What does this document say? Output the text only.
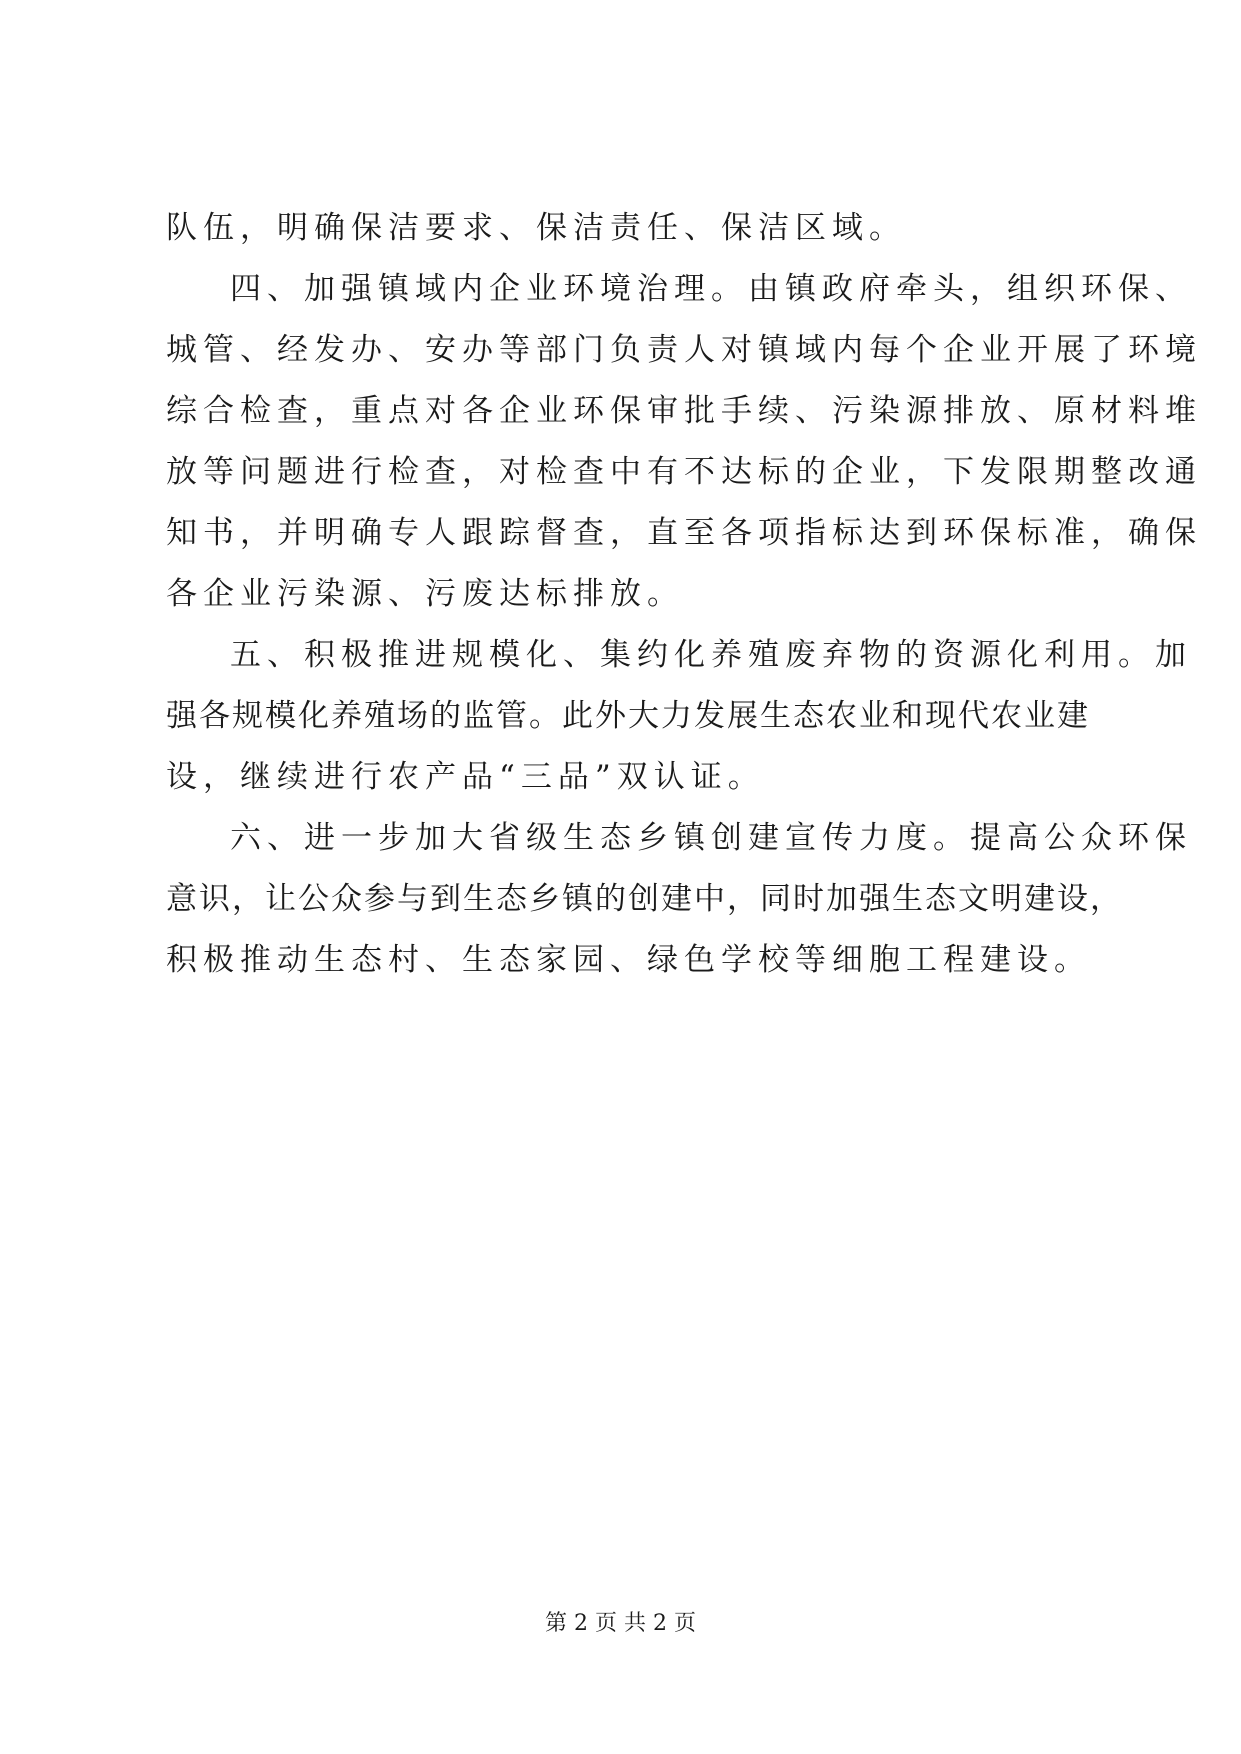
队伍，明确保洁要求、保洁责任、保洁区域。
四、加强镇域内企业环境治理。由镇政府牵头，组织环保、
城管、经发办、安办等部门负责人对镇域内每个企业开展了环境
综合检查，重点对各企业环保审批手续、污染源排放、原材料堆
放等问题进行检查，对检查中有不达标的企业，下发限期整改通
知书，并明确专人跟踪督查，直至各项指标达到环保标准，确保
各企业污染源、污废达标排放。
五、积极推进规模化、集约化养殖废弃物的资源化利用。加
强各规模化养殖场的监管。此外大力发展生态农业和现代农业建
设，继续进行农产品“三品”双认证。
六、进一步加大省级生态乡镇创建宣传力度。提高公众环保
意识，让公众参与到生态乡镇的创建中，同时加强生态文明建设，
积极推动生态村、生态家园、绿色学校等细胞工程建设。
第 2 页 共 2 页
